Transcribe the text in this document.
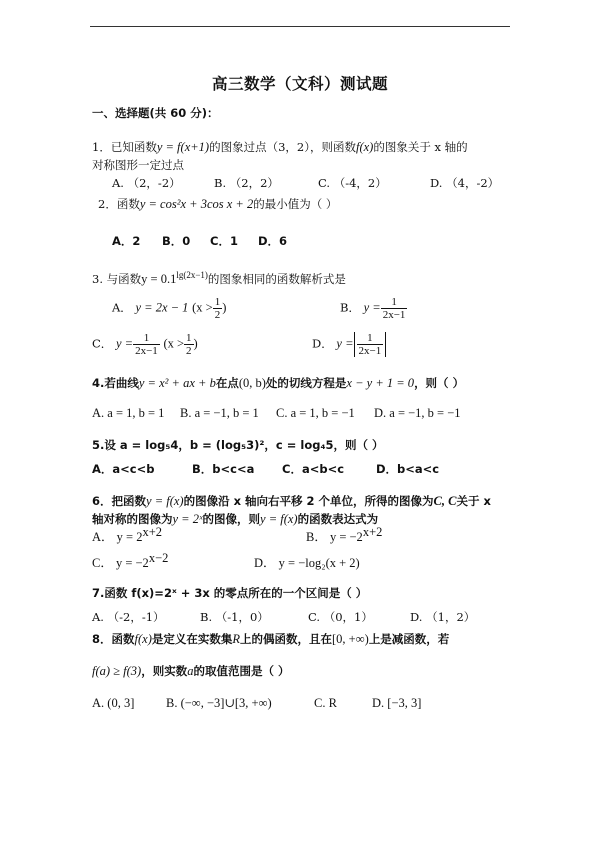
高三数学（文科）测试题
一、选择题(共 60 分)：
1．已知函数y = f(x+1)的图象过点（3，2），则函数f(x)的图象关于 x 轴的
对称图形一定过点
A. （2，-2）	B. （2，2）	C. （-4，2）	D. （4，-2）
2．函数y = cos²x + 3cos x + 2的最小值为（ ）
A．2 B．0 C．1 D．6
3. 与函数$y = 0.1^{lg(2x-1)}$的图象相同的函数解析式是
A． y = 2x − 1 ($x > \frac{1}{2}$ )	B． $y = \frac{1}{2x-1}$
C． $y = \frac{1}{2x-1} (x > \frac{1}{2}$ )	D． $y = \frac{1}{2x-1}$
4.若曲线y = x² + ax + b在点(0, b)处的切线方程是x − y + 1 = 0，则（ ）
A. a = 1, b = 1 B. a = −1, b = 1 C. a = 1, b = −1 D. a = −1, b = −1
5.设 a = log₅4，b = (log₅3)²，c = log₄5，则（ ）
A．a<c<b	B．b<c<a C．a<b<c	D．b<a<c
6．把函数y = f(x)的图像沿 x 轴向右平移 2 个单位，所得的图像为C, C关于 x
轴对称的图像为y = 2ˣ的图像，则y = f(x)的函数表达式为
A． $y = 2^{x+2}$	B． $y = -2^{x+2}$
C． $y = -2^{x-2}$	D． y = −log₂(x + 2)
7.函数 f(x)=2ˣ + 3x 的零点所在的一个区间是（ ）
A. （-2，-1）	B. （-1，0）	C. （0，1）	D. （1，2）
8．函数f(x)是定义在实数集R上的偶函数，且在[0, +∞)上是减函数，若
f(a) ≥ f(3)，则实数a的取值范围是（ ）
A. (0, 3]	B. (−∞, −3]∪[3, +∞)	C. R	D. [−3, 3]
